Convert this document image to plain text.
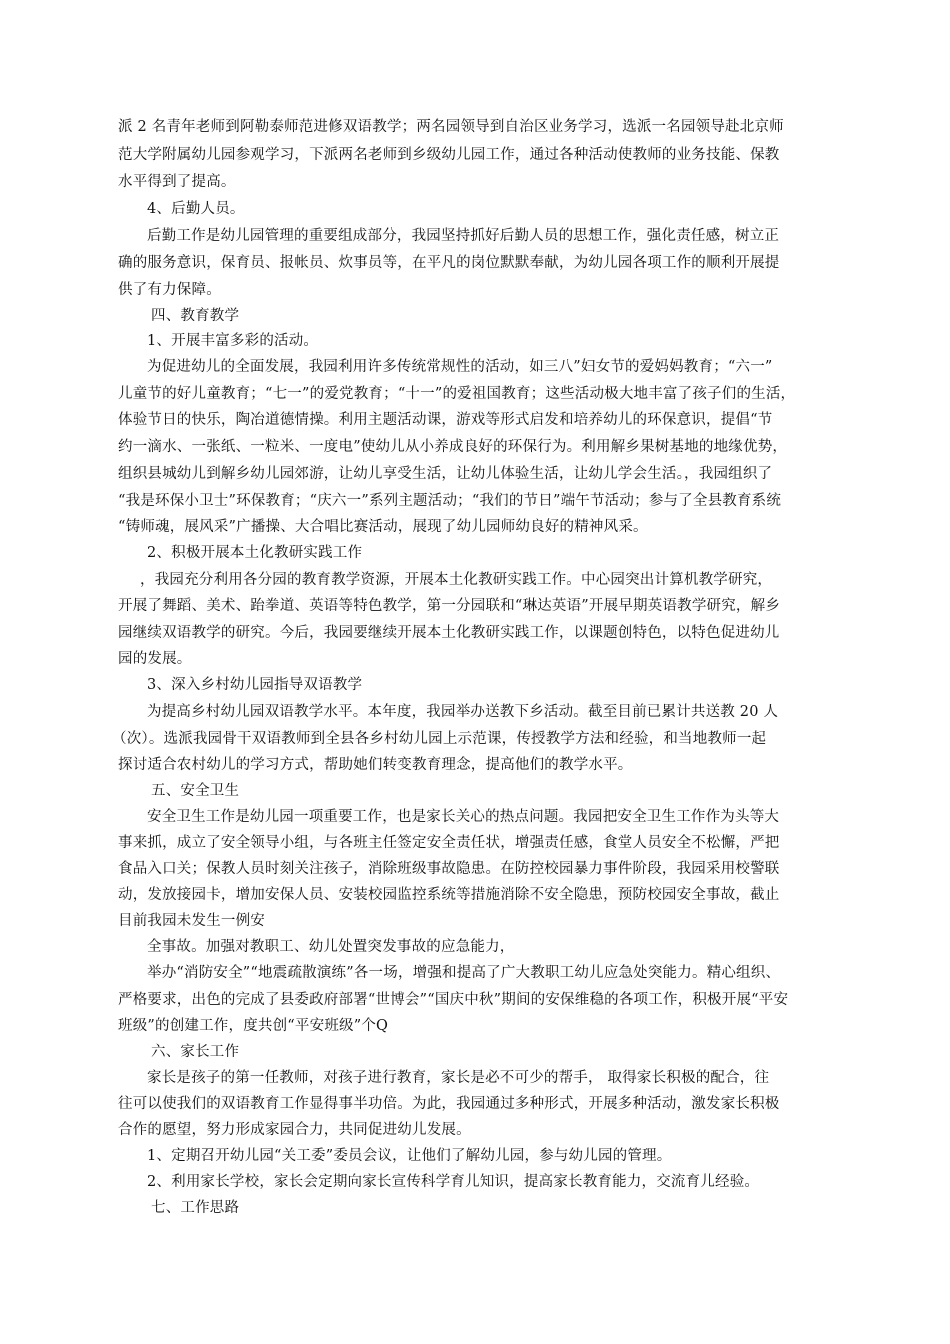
派 2 名青年老师到阿勒泰师范进修双语教学；两名园领导到自治区业务学习，选派一名园领导赴北京师
范大学附属幼儿园参观学习，下派两名老师到乡级幼儿园工作，通过各种活动使教师的业务技能、保教
水平得到了提高。
4、后勤人员。
后勤工作是幼儿园管理的重要组成部分，我园坚持抓好后勤人员的思想工作，强化责任感，树立正
确的服务意识，保育员、报帐员、炊事员等，在平凡的岗位默默奉献，为幼儿园各项工作的顺利开展提
供了有力保障。
四、教育教学
1、开展丰富多彩的活动。
为促进幼儿的全面发展，我园利用许多传统常规性的活动，如三八”妇女节的爱妈妈教育；“六一”
儿童节的好儿童教育；“七一”的爱党教育；“十一”的爱祖国教育；这些活动极大地丰富了孩子们的生活，
体验节日的快乐，陶冶道德情操。利用主题活动课，游戏等形式启发和培养幼儿的环保意识，提倡“节
约一滴水、一张纸、一粒米、一度电”使幼儿从小养成良好的环保行为。利用解乡果树基地的地缘优势，
组织县城幼儿到解乡幼儿园郊游，让幼儿享受生活，让幼儿体验生活，让幼儿学会生活。，我园组织了
“我是环保小卫士”环保教育；“庆六一”系列主题活动；“我们的节日”端午节活动；参与了全县教育系统
“铸师魂，展风采”广播操、大合唱比赛活动，展现了幼儿园师幼良好的精神风采。
2、积极开展本土化教研实践工作
，我园充分利用各分园的教育教学资源，开展本土化教研实践工作。中心园突出计算机教学研究，
开展了舞蹈、美术、跆拳道、英语等特色教学，第一分园联和“琳达英语”开展早期英语教学研究，解乡
园继续双语教学的研究。今后，我园要继续开展本土化教研实践工作，以课题创特色，以特色促进幼儿
园的发展。
3、深入乡村幼儿园指导双语教学
为提高乡村幼儿园双语教学水平。本年度，我园举办送教下乡活动。截至目前已累计共送教 20 人
（次）。选派我园骨干双语教师到全县各乡村幼儿园上示范课，传授教学方法和经验，和当地教师一起
探讨适合农村幼儿的学习方式，帮助她们转变教育理念，提高他们的教学水平。
五、安全卫生
安全卫生工作是幼儿园一项重要工作，也是家长关心的热点问题。我园把安全卫生工作作为头等大
事来抓，成立了安全领导小组，与各班主任签定安全责任状，增强责任感，食堂人员安全不松懈，严把
食品入口关；保教人员时刻关注孩子，消除班级事故隐患。在防控校园暴力事件阶段，我园采用校警联
动，发放接园卡，增加安保人员、安装校园监控系统等措施消除不安全隐患，预防校园安全事故，截止
目前我园未发生一例安
全事故。加强对教职工、幼儿处置突发事故的应急能力，
举办“消防安全”“地震疏散演练”各一场，增强和提高了广大教职工幼儿应急处突能力。精心组织、
严格要求，出色的完成了县委政府部署“世博会”“国庆中秋”期间的安保维稳的各项工作，积极开展“平安
班级”的创建工作，度共创“平安班级”个Q
六、家长工作
家长是孩子的第一任教师，对孩子进行教育，家长是必不可少的帮手， 取得家长积极的配合，往
往可以使我们的双语教育工作显得事半功倍。为此，我园通过多种形式，开展多种活动，激发家长积极
合作的愿望，努力形成家园合力，共同促进幼儿发展。
1、定期召开幼儿园“关工委”委员会议，让他们了解幼儿园，参与幼儿园的管理。
2、利用家长学校，家长会定期向家长宣传科学育儿知识，提高家长教育能力，交流育儿经验。
七、工作思路
